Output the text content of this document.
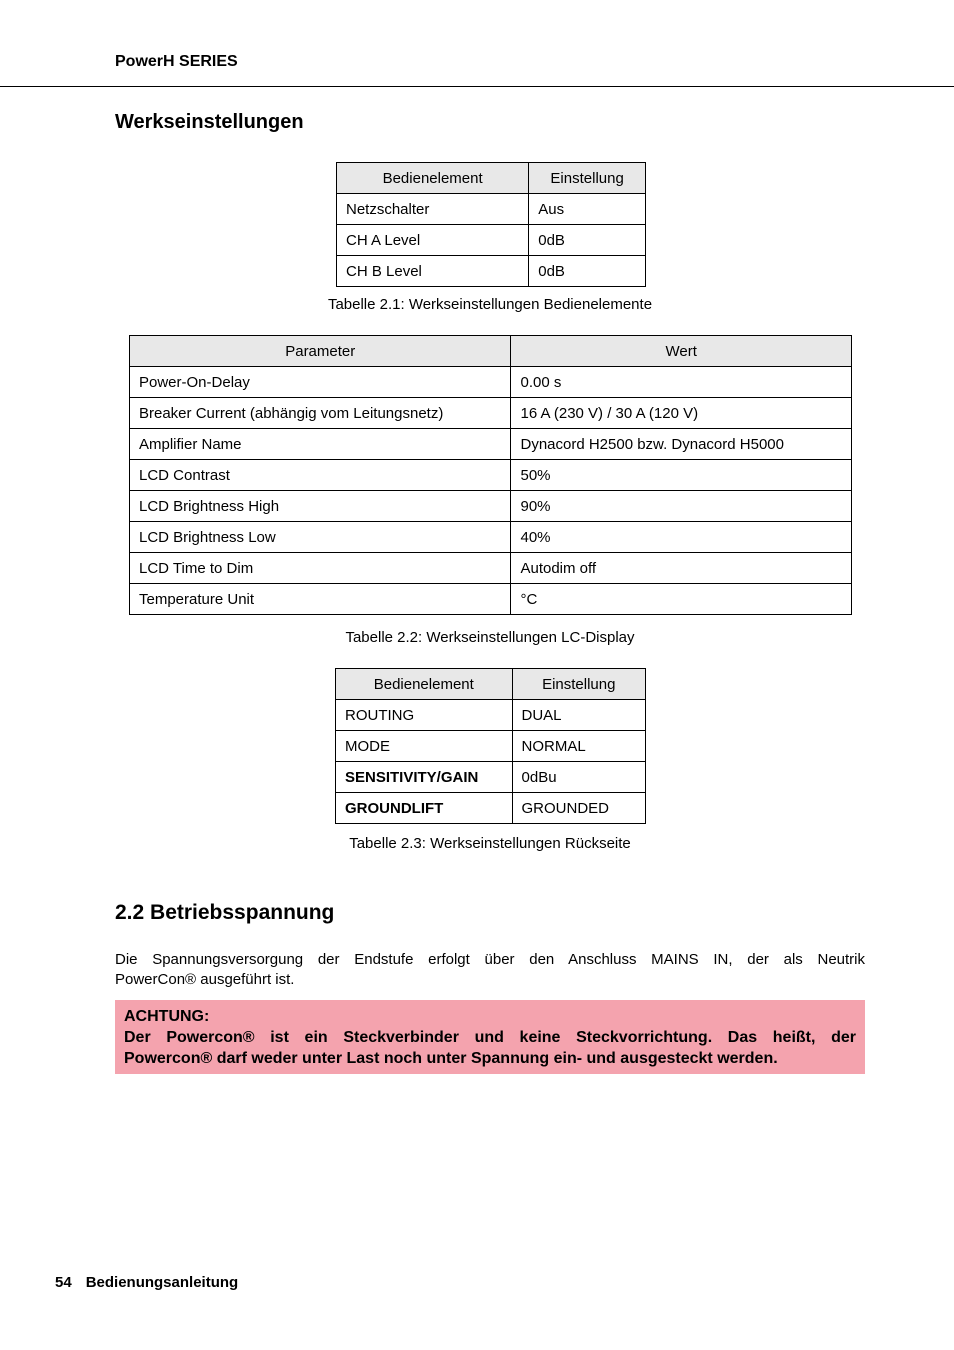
PowerH SERIES
Werkseinstellungen
Bedienelement	Einstellung
Netzschalter	Aus
CH A Level	0dB
CH B Level	0dB
Tabelle 2.1: Werkseinstellungen Bedienelemente
Parameter	Wert
Power-On-Delay	0.00 s
Breaker Current (abhängig vom Leitungsnetz)	16 A (230 V) / 30 A (120 V)
Amplifier Name	Dynacord H2500 bzw. Dynacord H5000
LCD Contrast	50%
LCD Brightness High	90%
LCD Brightness Low	40%
LCD Time to Dim	Autodim off
Temperature Unit	°C
Tabelle 2.2: Werkseinstellungen LC-Display
Bedienelement	Einstellung
ROUTING	DUAL
MODE	NORMAL
SENSITIVITY/GAIN	0dBu
GROUNDLIFT	GROUNDED
Tabelle 2.3: Werkseinstellungen Rückseite
2.2 Betriebsspannung
Die Spannungsversorgung der Endstufe erfolgt über den Anschluss MAINS IN, der als Neutrik
PowerCon® ausgeführt ist.
ACHTUNG:
Der Powercon® ist ein Steckverbinder und keine Steckvorrichtung. Das heißt, der
Powercon® darf weder unter Last noch unter Spannung ein- und ausgesteckt werden.
54 Bedienungsanleitung
